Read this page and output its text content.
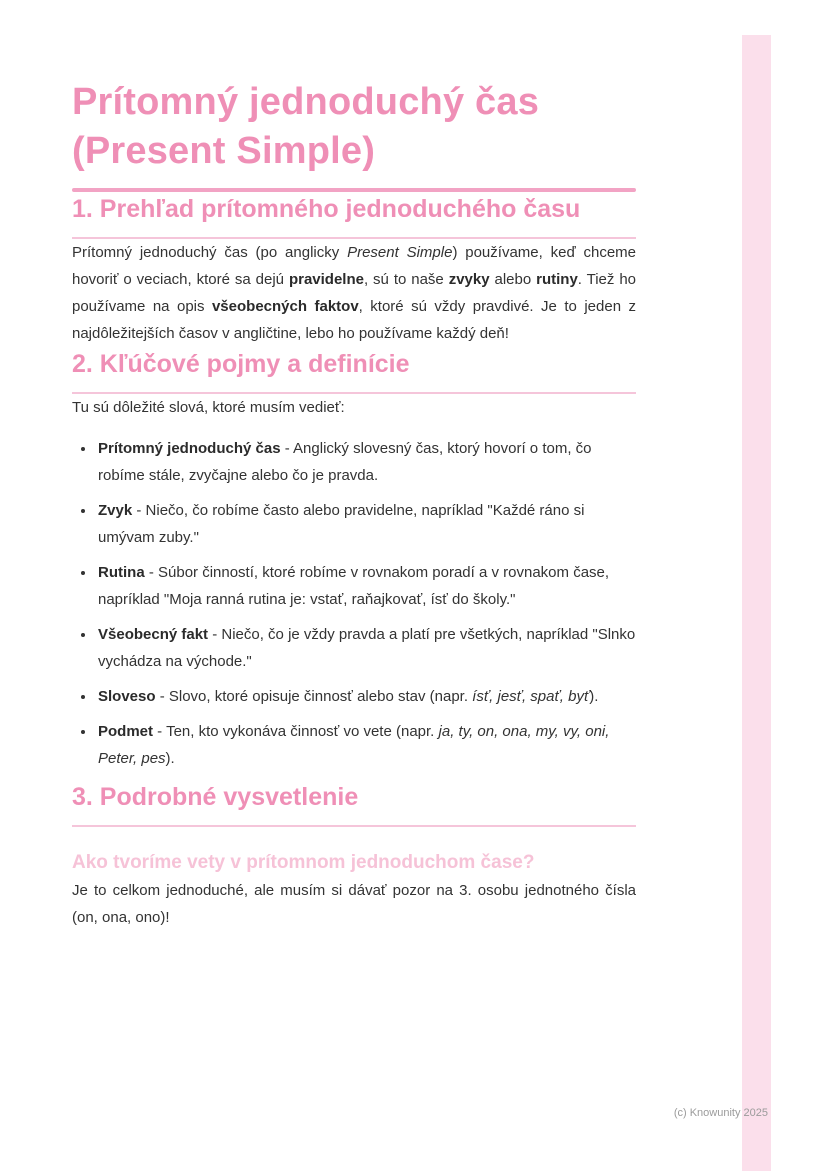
Prítomný jednoduchý čas (Present Simple)
1. Prehľad prítomného jednoduchého času

Prítomný jednoduchý čas (po anglicky Present Simple) používame, keď chceme hovoriť o veciach, ktoré sa dejú pravidelne, sú to naše zvyky alebo rutiny. Tiež ho používame na opis všeobecných faktov, ktoré sú vždy pravdivé. Je to jeden z najdôležitejších časov v angličtine, lebo ho používame každý deň!

2. Kľúčové pojmy a definície

Tu sú dôležité slová, ktoré musím vedieť:

• Prítomný jednoduchý čas - Anglický slovesný čas, ktorý hovorí o tom, čo robíme stále, zvyčajne alebo čo je pravda.
• Zvyk - Niečo, čo robíme často alebo pravidelne, napríklad "Každé ráno si umývam zuby."
• Rutina - Súbor činností, ktoré robíme v rovnakom poradí a v rovnakom čase, napríklad "Moja ranná rutina je: vstať, raňajkovať, ísť do školy."
• Všeobecný fakt - Niečo, čo je vždy pravda a platí pre všetkých, napríklad "Slnko vychádza na východe."
• Sloveso - Slovo, ktoré opisuje činnosť alebo stav (napr. ísť, jesť, spať, byť).
• Podmet - Ten, kto vykonáva činnosť vo vete (napr. ja, ty, on, ona, my, vy, oni, Peter, pes).
3. Podrobné vysvetlenie
Ako tvoríme vety v prítomnom jednoduchom čase?

Je to celkom jednoduché, ale musím si dávať pozor na 3. osobu jednotného čísla (on, ona, ono)!

(c) Knowunity 2025
